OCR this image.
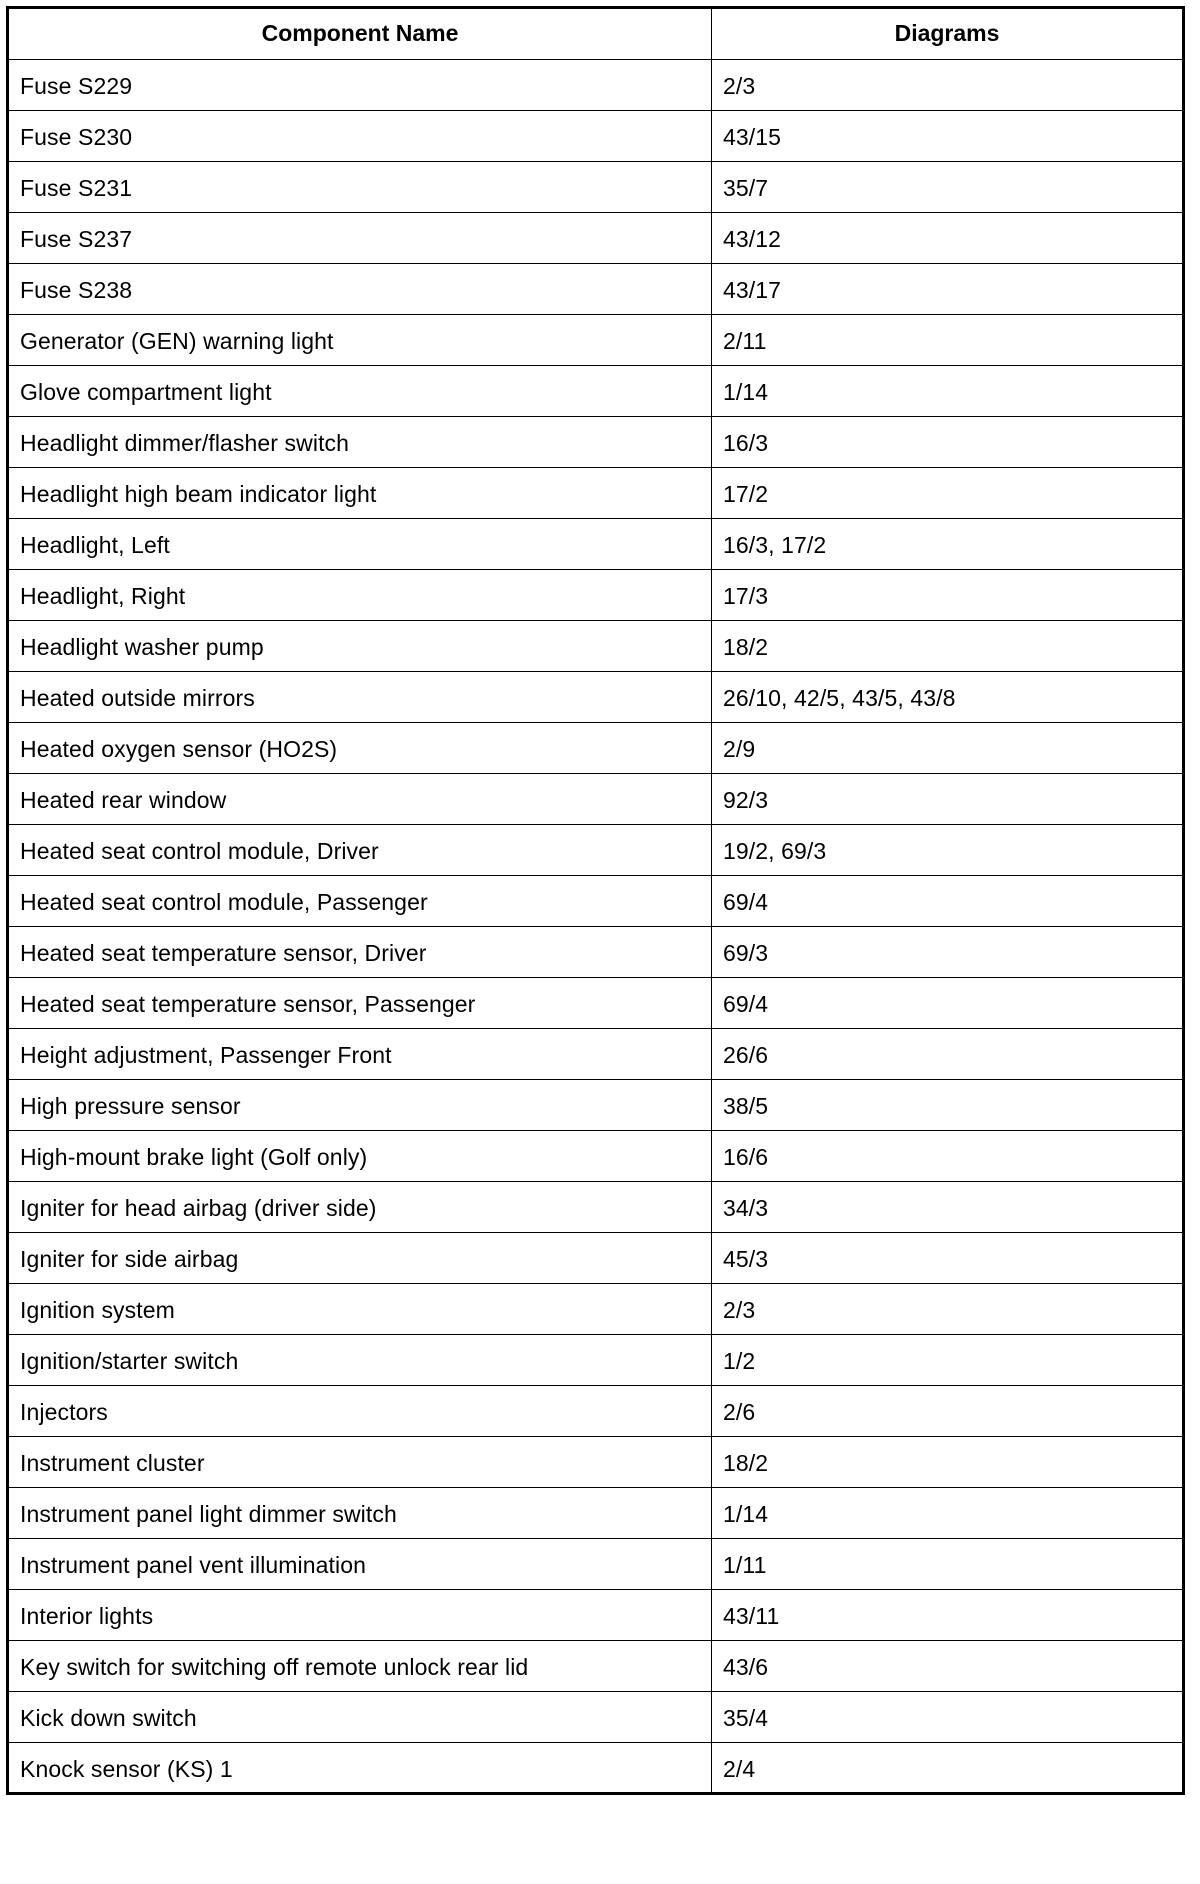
Component Name	Diagrams
Fuse S229	2/3
Fuse S230	43/15
Fuse S231	35/7
Fuse S237	43/12
Fuse S238	43/17
Generator (GEN) warning light	2/11
Glove compartment light	1/14
Headlight dimmer/flasher switch	16/3
Headlight high beam indicator light	17/2
Headlight, Left	16/3, 17/2
Headlight, Right	17/3
Headlight washer pump	18/2
Heated outside mirrors	26/10, 42/5, 43/5, 43/8
Heated oxygen sensor (HO2S)	2/9
Heated rear window	92/3
Heated seat control module, Driver	19/2, 69/3
Heated seat control module, Passenger	69/4
Heated seat temperature sensor, Driver	69/3
Heated seat temperature sensor, Passenger	69/4
Height adjustment, Passenger Front	26/6
High pressure sensor	38/5
High-mount brake light (Golf only)	16/6
Igniter for head airbag (driver side)	34/3
Igniter for side airbag	45/3
Ignition system	2/3
Ignition/starter switch	1/2
Injectors	2/6
Instrument cluster	18/2
Instrument panel light dimmer switch	1/14
Instrument panel vent illumination	1/11
Interior lights	43/11
Key switch for switching off remote unlock rear lid	43/6
Kick down switch	35/4
Knock sensor (KS) 1	2/4
